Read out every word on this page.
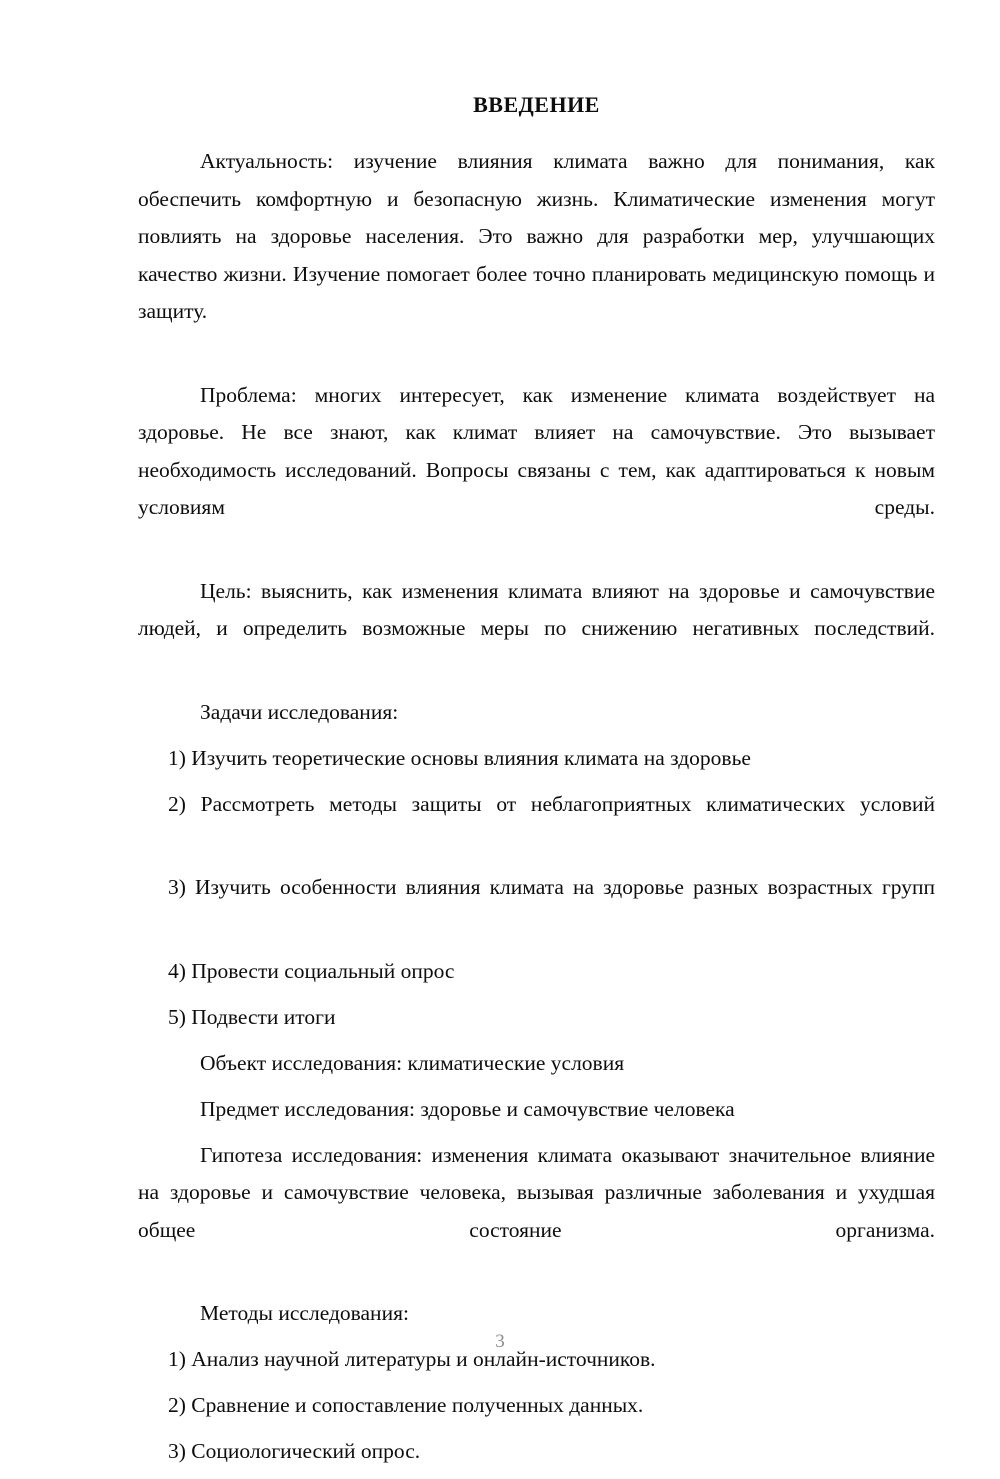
ВВЕДЕНИЕ

Актуальность: изучение влияния климата важно для понимания, как обеспечить комфортную и безопасную жизнь. Климатические изменения могут повлиять на здоровье населения. Это важно для разработки мер, улучшающих качество жизни. Изучение помогает более точно планировать медицинскую помощь и защиту.

Проблема: многих интересует, как изменение климата воздействует на здоровье. Не все знают, как климат влияет на самочувствие. Это вызывает необходимость исследований. Вопросы связаны с тем, как адаптироваться к новым условиям среды.

Цель: выяснить, как изменения климата влияют на здоровье и самочувствие людей, и определить возможные меры по снижению негативных последствий.

Задачи исследования:

1) Изучить теоретические основы влияния климата на здоровье

2) Рассмотреть методы защиты от неблагоприятных климатических условий

3) Изучить особенности влияния климата на здоровье разных возрастных групп

4) Провести социальный опрос

5) Подвести итоги

Объект исследования: климатические условия

Предмет исследования: здоровье и самочувствие человека

Гипотеза исследования: изменения климата оказывают значительное влияние на здоровье и самочувствие человека, вызывая различные заболевания и ухудшая общее состояние организма.

Методы исследования:

1) Анализ научной литературы и онлайн-источников.

2) Сравнение и сопоставление полученных данных.

3) Социологический опрос.

3
